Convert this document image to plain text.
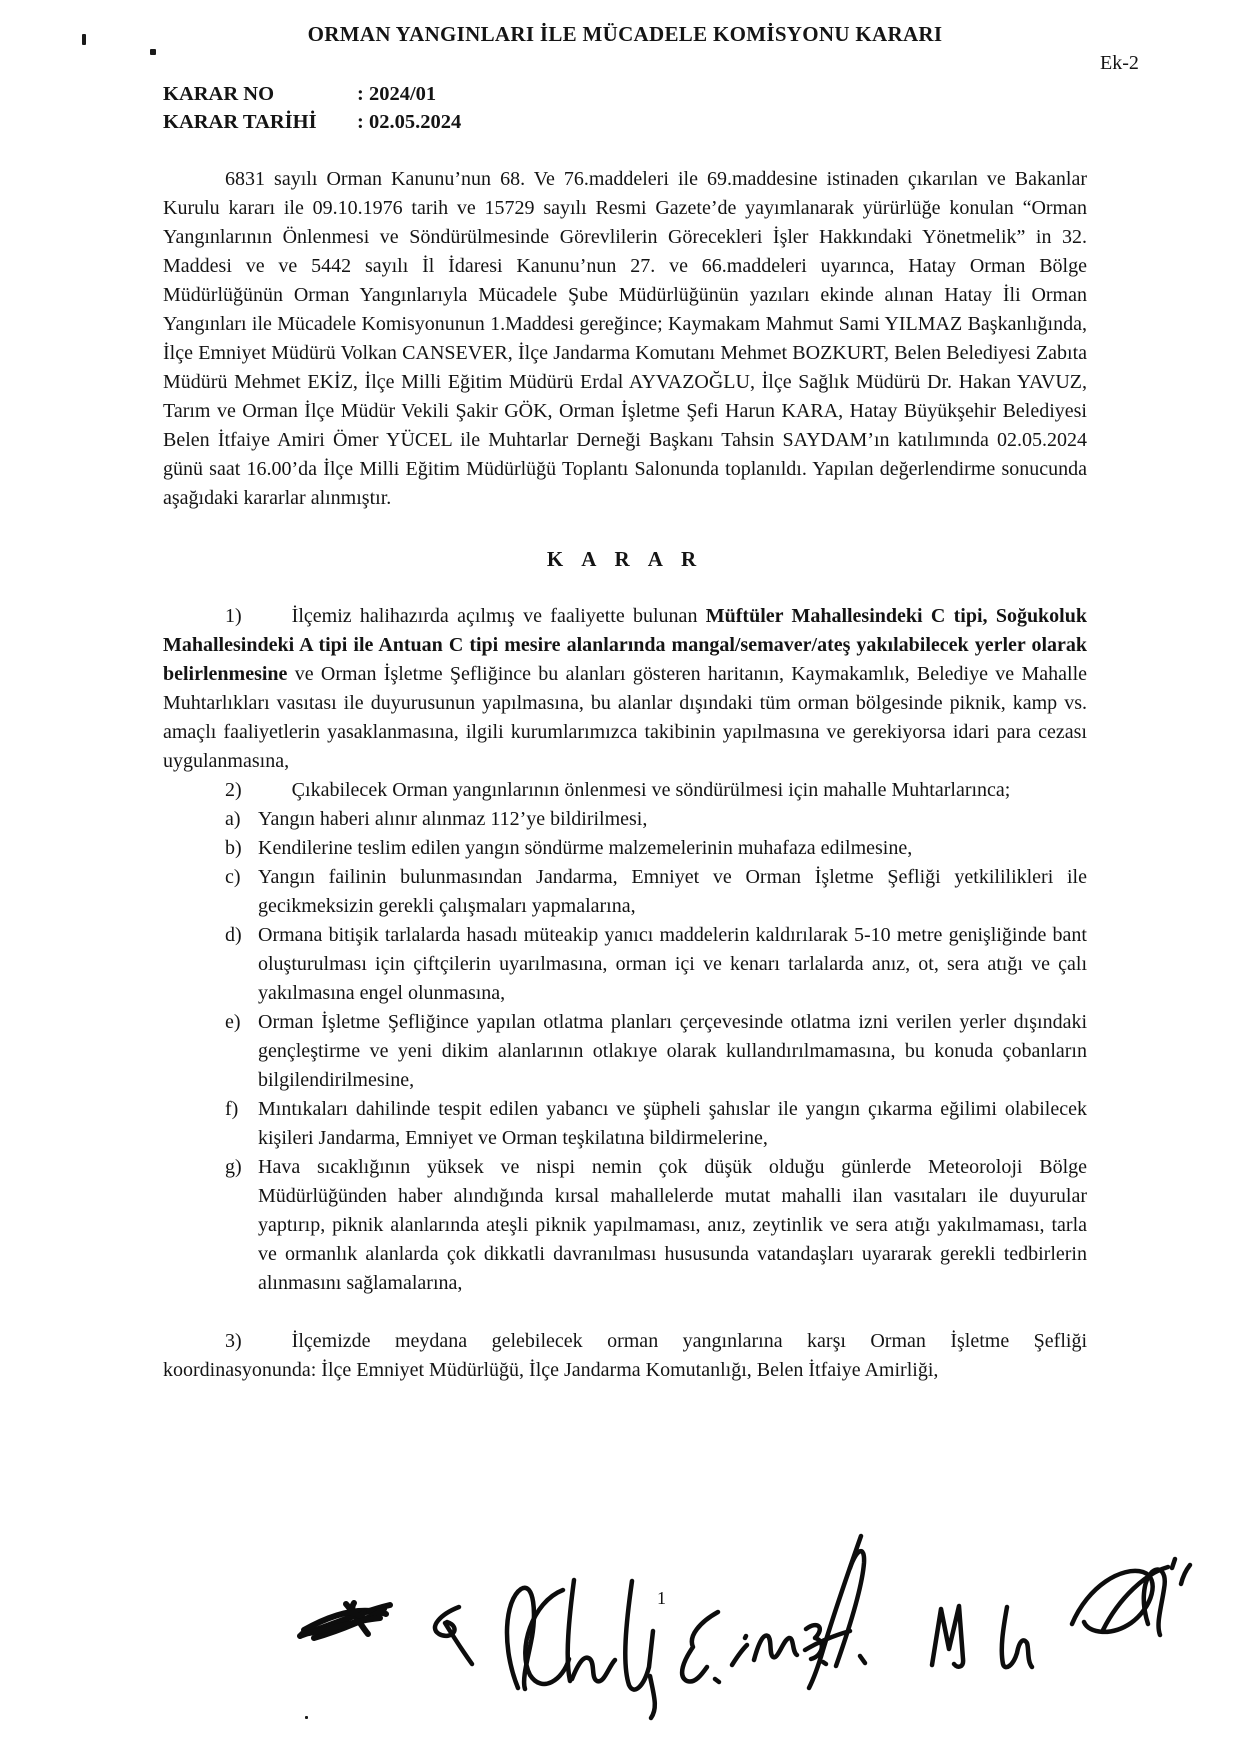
Ek-2
ORMAN YANGINLARI İLE MÜCADELE KOMİSYONU KARARI
KARAR NO	: 2024/01
KARAR TARİHİ : 02.05.2024

6831 sayılı Orman Kanunu’nun 68. Ve 76.maddeleri ile 69.maddesine istinaden çıkarılan ve Bakanlar Kurulu kararı ile 09.10.1976 tarih ve 15729 sayılı Resmi Gazete’de yayımlanarak yürürlüğe konulan “Orman Yangınlarının Önlenmesi ve Söndürülmesinde Görevlilerin Görecekleri İşler Hakkındaki Yönetmelik” in 32. Maddesi ve ve 5442 sayılı İl İdaresi Kanunu’nun 27. ve 66.maddeleri uyarınca, Hatay Orman Bölge Müdürlüğünün Orman Yangınlarıyla Mücadele Şube Müdürlüğünün yazıları ekinde alınan Hatay İli Orman Yangınları ile Mücadele Komisyonunun 1.Maddesi gereğince; Kaymakam Mahmut Sami YILMAZ Başkanlığında, İlçe Emniyet Müdürü Volkan CANSEVER, İlçe Jandarma Komutanı Mehmet BOZKURT, Belen Belediyesi Zabıta Müdürü Mehmet EKİZ, İlçe Milli Eğitim Müdürü Erdal AYVAZOĞLU, İlçe Sağlık Müdürü Dr. Hakan YAVUZ, Tarım ve Orman İlçe Müdür Vekili Şakir GÖK, Orman İşletme Şefi Harun KARA, Hatay Büyükşehir Belediyesi Belen İtfaiye Amiri Ömer YÜCEL ile Muhtarlar Derneği Başkanı Tahsin SAYDAM’ın katılımında 02.05.2024 günü saat 16.00’da İlçe Milli Eğitim Müdürlüğü Toplantı Salonunda toplanıldı. Yapılan değerlendirme sonucunda aşağıdaki kararlar alınmıştır.

K A R A R

1)	İlçemiz halihazırda açılmış ve faaliyette bulunan Müftüler Mahallesindeki C tipi, Soğukoluk Mahallesindeki A tipi ile Antuan C tipi mesire alanlarında mangal/semaver/ateş yakılabilecek yerler olarak belirlenmesine ve Orman İşletme Şefliğince bu alanları gösteren haritanın, Kaymakamlık, Belediye ve Mahalle Muhtarlıkları vasıtası ile duyurusunun yapılmasına, bu alanlar dışındaki tüm orman bölgesinde piknik, kamp vs. amaçlı faaliyetlerin yasaklanmasına, ilgili kurumlarımızca takibinin yapılmasına ve gerekiyorsa idari para cezası uygulanmasına,

2)	Çıkabilecek Orman yangınlarının önlenmesi ve söndürülmesi için mahalle Muhtarlarınca;

a) Yangın haberi alınır alınmaz 112’ye bildirilmesi,

b) Kendilerine teslim edilen yangın söndürme malzemelerinin muhafaza edilmesine,

c) Yangın failinin bulunmasından Jandarma, Emniyet ve Orman İşletme Şefliği yetkililikleri ile gecikmeksizin gerekli çalışmaları yapmalarına,

d) Ormana bitişik tarlalarda hasadı müteakip yanıcı maddelerin kaldırılarak 5-10 metre genişliğinde bant oluşturulması için çiftçilerin uyarılmasına, orman içi ve kenarı tarlalarda anız, ot, sera atığı ve çalı yakılmasına engel olunmasına,

e) Orman İşletme Şefliğince yapılan otlatma planları çerçevesinde otlatma izni verilen yerler dışındaki gençleştirme ve yeni dikim alanlarının otlakıye olarak kullandırılmamasına, bu konuda çobanların bilgilendirilmesine,

f) Mıntıkaları dahilinde tespit edilen yabancı ve şüpheli şahıslar ile yangın çıkarma eğilimi olabilecek kişileri Jandarma, Emniyet ve Orman teşkilatına bildirmelerine,

g) Hava sıcaklığının yüksek ve nispi nemin çok düşük olduğu günlerde Meteoroloji Bölge Müdürlüğünden haber alındığında kırsal mahallelerde mutat mahalli ilan vasıtaları ile duyurular yaptırıp, piknik alanlarında ateşli piknik yapılmaması, anız, zeytinlik ve sera atığı yakılmaması, tarla ve ormanlık alanlarda çok dikkatli davranılması hususunda vatandaşları uyararak gerekli tedbirlerin alınmasını sağlamalarına,

3)	İlçemizde meydana gelebilecek orman yangınlarına karşı Orman İşletme Şefliği koordinasyonunda: İlçe Emniyet Müdürlüğü, İlçe Jandarma Komutanlığı, Belen İtfaiye Amirliği,

1
